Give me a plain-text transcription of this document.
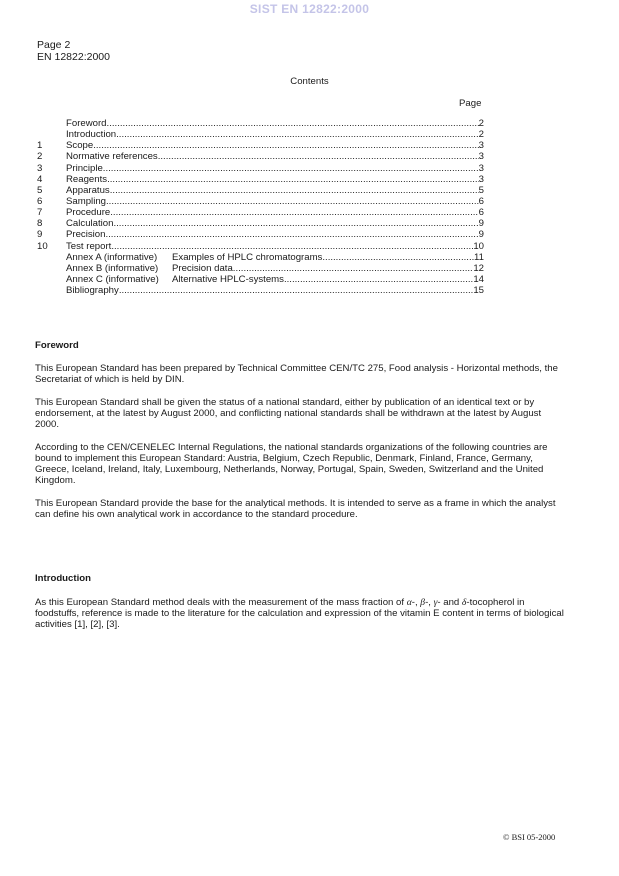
SIST EN 12822:2000
Page 2
EN 12822:2000
Contents
Page
Foreword .....	2
Introduction .....	2
1	Scope .....	3
2	Normative references .....	3
3	Principle .....	3
4	Reagents .....	3
5	Apparatus .....	5
6	Sampling .....	6
7	Procedure .....	6
8	Calculation .....	9
9	Precision .....	9
10	Test report .....	10
Annex A (informative)	Examples of HPLC chromatograms .....	11
Annex B (informative)	Precision data .....	12
Annex C (informative)	Alternative HPLC-systems .....	14
Bibliography .....	15
Foreword
This European Standard has been prepared by Technical Committee CEN/TC 275, Food analysis - Horizontal methods, the Secretariat of which is held by DIN.
This European Standard shall be given the status of a national standard, either by publication of an identical text or by endorsement, at the latest by August 2000, and conflicting national standards shall be withdrawn at the latest by August 2000.
According to the CEN/CENELEC Internal Regulations, the national standards organizations of the following countries are bound to implement this European Standard: Austria, Belgium, Czech Republic, Denmark, Finland, France, Germany, Greece, Iceland, Ireland, Italy, Luxembourg, Netherlands, Norway, Portugal, Spain, Sweden, Switzerland and the United Kingdom.
This European Standard provide the base for the analytical methods. It is intended to serve as a frame in which the analyst can define his own analytical work in accordance to the standard procedure.
Introduction
As this European Standard method deals with the measurement of the mass fraction of α-, β-, γ- and δ-tocopherol in foodstuffs, reference is made to the literature for the calculation and expression of the vitamin E content in terms of biological activities [1], [2], [3].
© BSI 05-2000
